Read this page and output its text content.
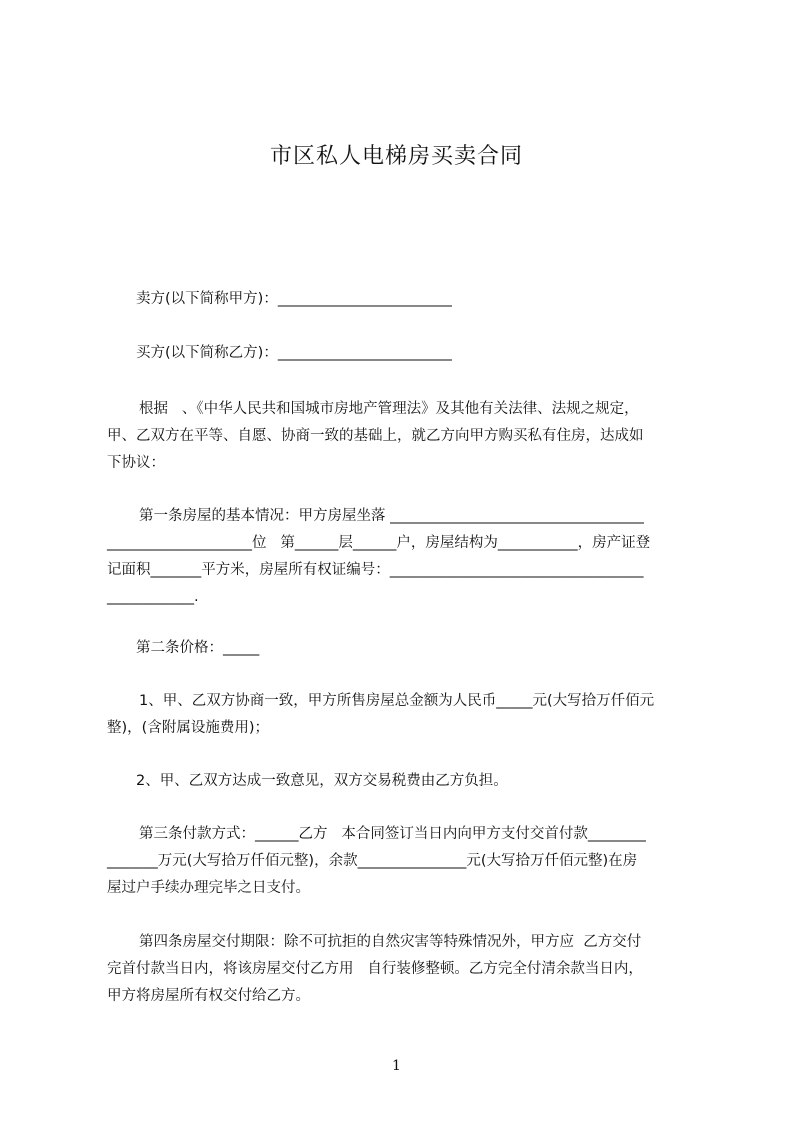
市区私人电梯房买卖合同
卖方(以下简称甲方)：________________________
买方(以下简称乙方)：________________________
根据   、《中华人民共和国城市房地产管理法》及其他有关法律、法规之规定，
甲、乙双方在平等、自愿、协商一致的基础上，就乙方向甲方购买私有住房，达成如
下协议：
第一条房屋的基本情况：甲方房屋坐落 ___________________________________
____________________位   第______层______户，房屋结构为___________，房产证登
记面积_______平方米，房屋所有权证编号：___________________________________
____________.
第二条价格：_____
1、甲、乙双方协商一致，甲方所售房屋总金额为人民币_____元(大写拾万仟佰元
整)，(含附属设施费用)；
2、甲、乙双方达成一致意见，双方交易税费由乙方负担。
第三条付款方式：______乙方   本合同签订当日内向甲方支付交首付款________
_______万元(大写拾万仟佰元整)，余款_______________元(大写拾万仟佰元整)在房
屋过户手续办理完毕之日支付。
第四条房屋交付期限：除不可抗拒的自然灾害等特殊情况外，甲方应  乙方交付
完首付款当日内，将该房屋交付乙方用   自行装修整顿。乙方完全付清余款当日内，
甲方将房屋所有权交付给乙方。
1
